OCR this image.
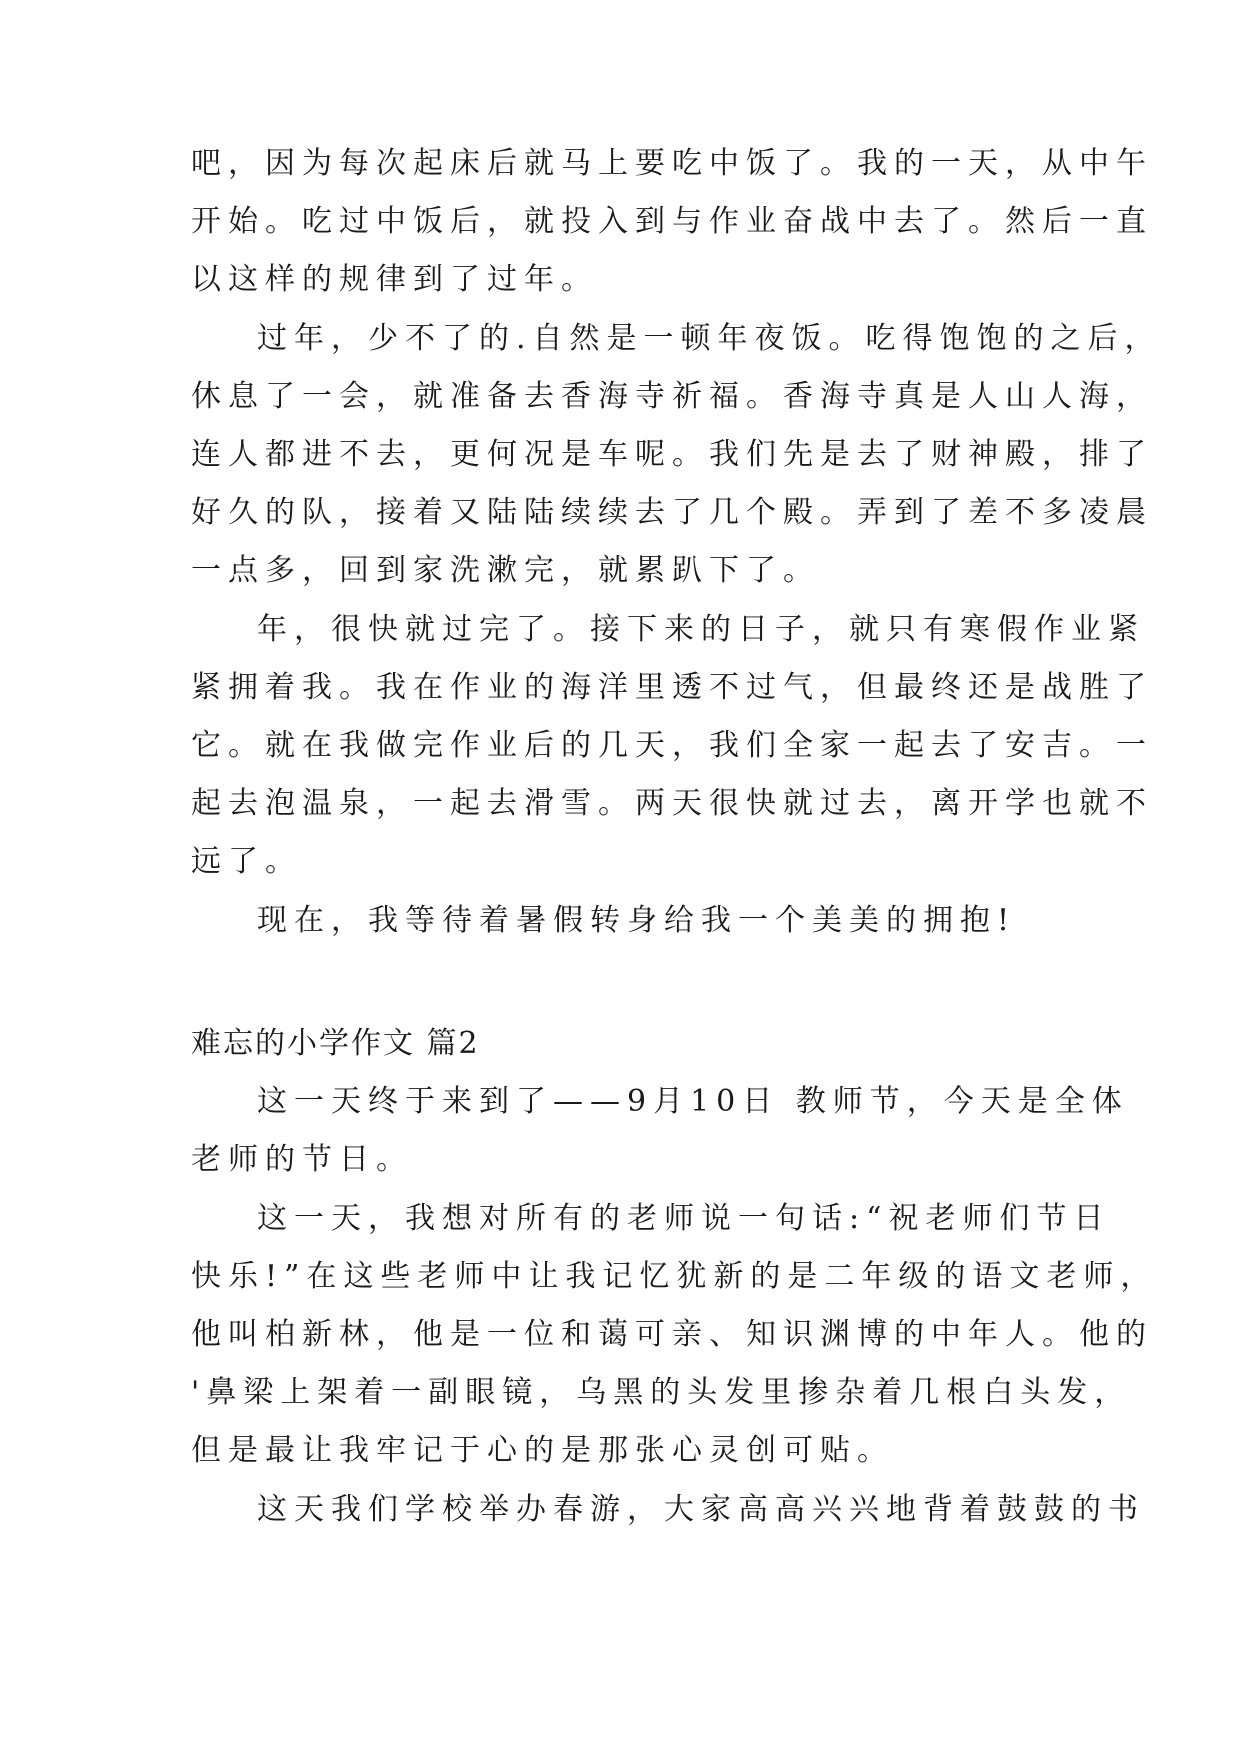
吧，因为每次起床后就马上要吃中饭了。我的一天，从中午
开始。吃过中饭后，就投入到与作业奋战中去了。然后一直
以这样的规律到了过年。
过年，少不了的.自然是一顿年夜饭。吃得饱饱的之后，
休息了一会，就准备去香海寺祈福。香海寺真是人山人海，
连人都进不去，更何况是车呢。我们先是去了财神殿，排了
好久的队，接着又陆陆续续去了几个殿。弄到了差不多凌晨
一点多，回到家洗漱完，就累趴下了。
年，很快就过完了。接下来的日子，就只有寒假作业紧
紧拥着我。我在作业的海洋里透不过气，但最终还是战胜了
它。就在我做完作业后的几天，我们全家一起去了安吉。一
起去泡温泉，一起去滑雪。两天很快就过去，离开学也就不
远了。
现在，我等待着暑假转身给我一个美美的拥抱!
难忘的小学作文 篇2
这一天终于来到了——9月10日 教师节，今天是全体
老师的节日。
这一天，我想对所有的老师说一句话:“祝老师们节日
快乐!”在这些老师中让我记忆犹新的是二年级的语文老师，
他叫柏新林，他是一位和蔼可亲、知识渊博的中年人。他的
'鼻梁上架着一副眼镜，乌黑的头发里掺杂着几根白头发，
但是最让我牢记于心的是那张心灵创可贴。
这天我们学校举办春游，大家高高兴兴地背着鼓鼓的书
